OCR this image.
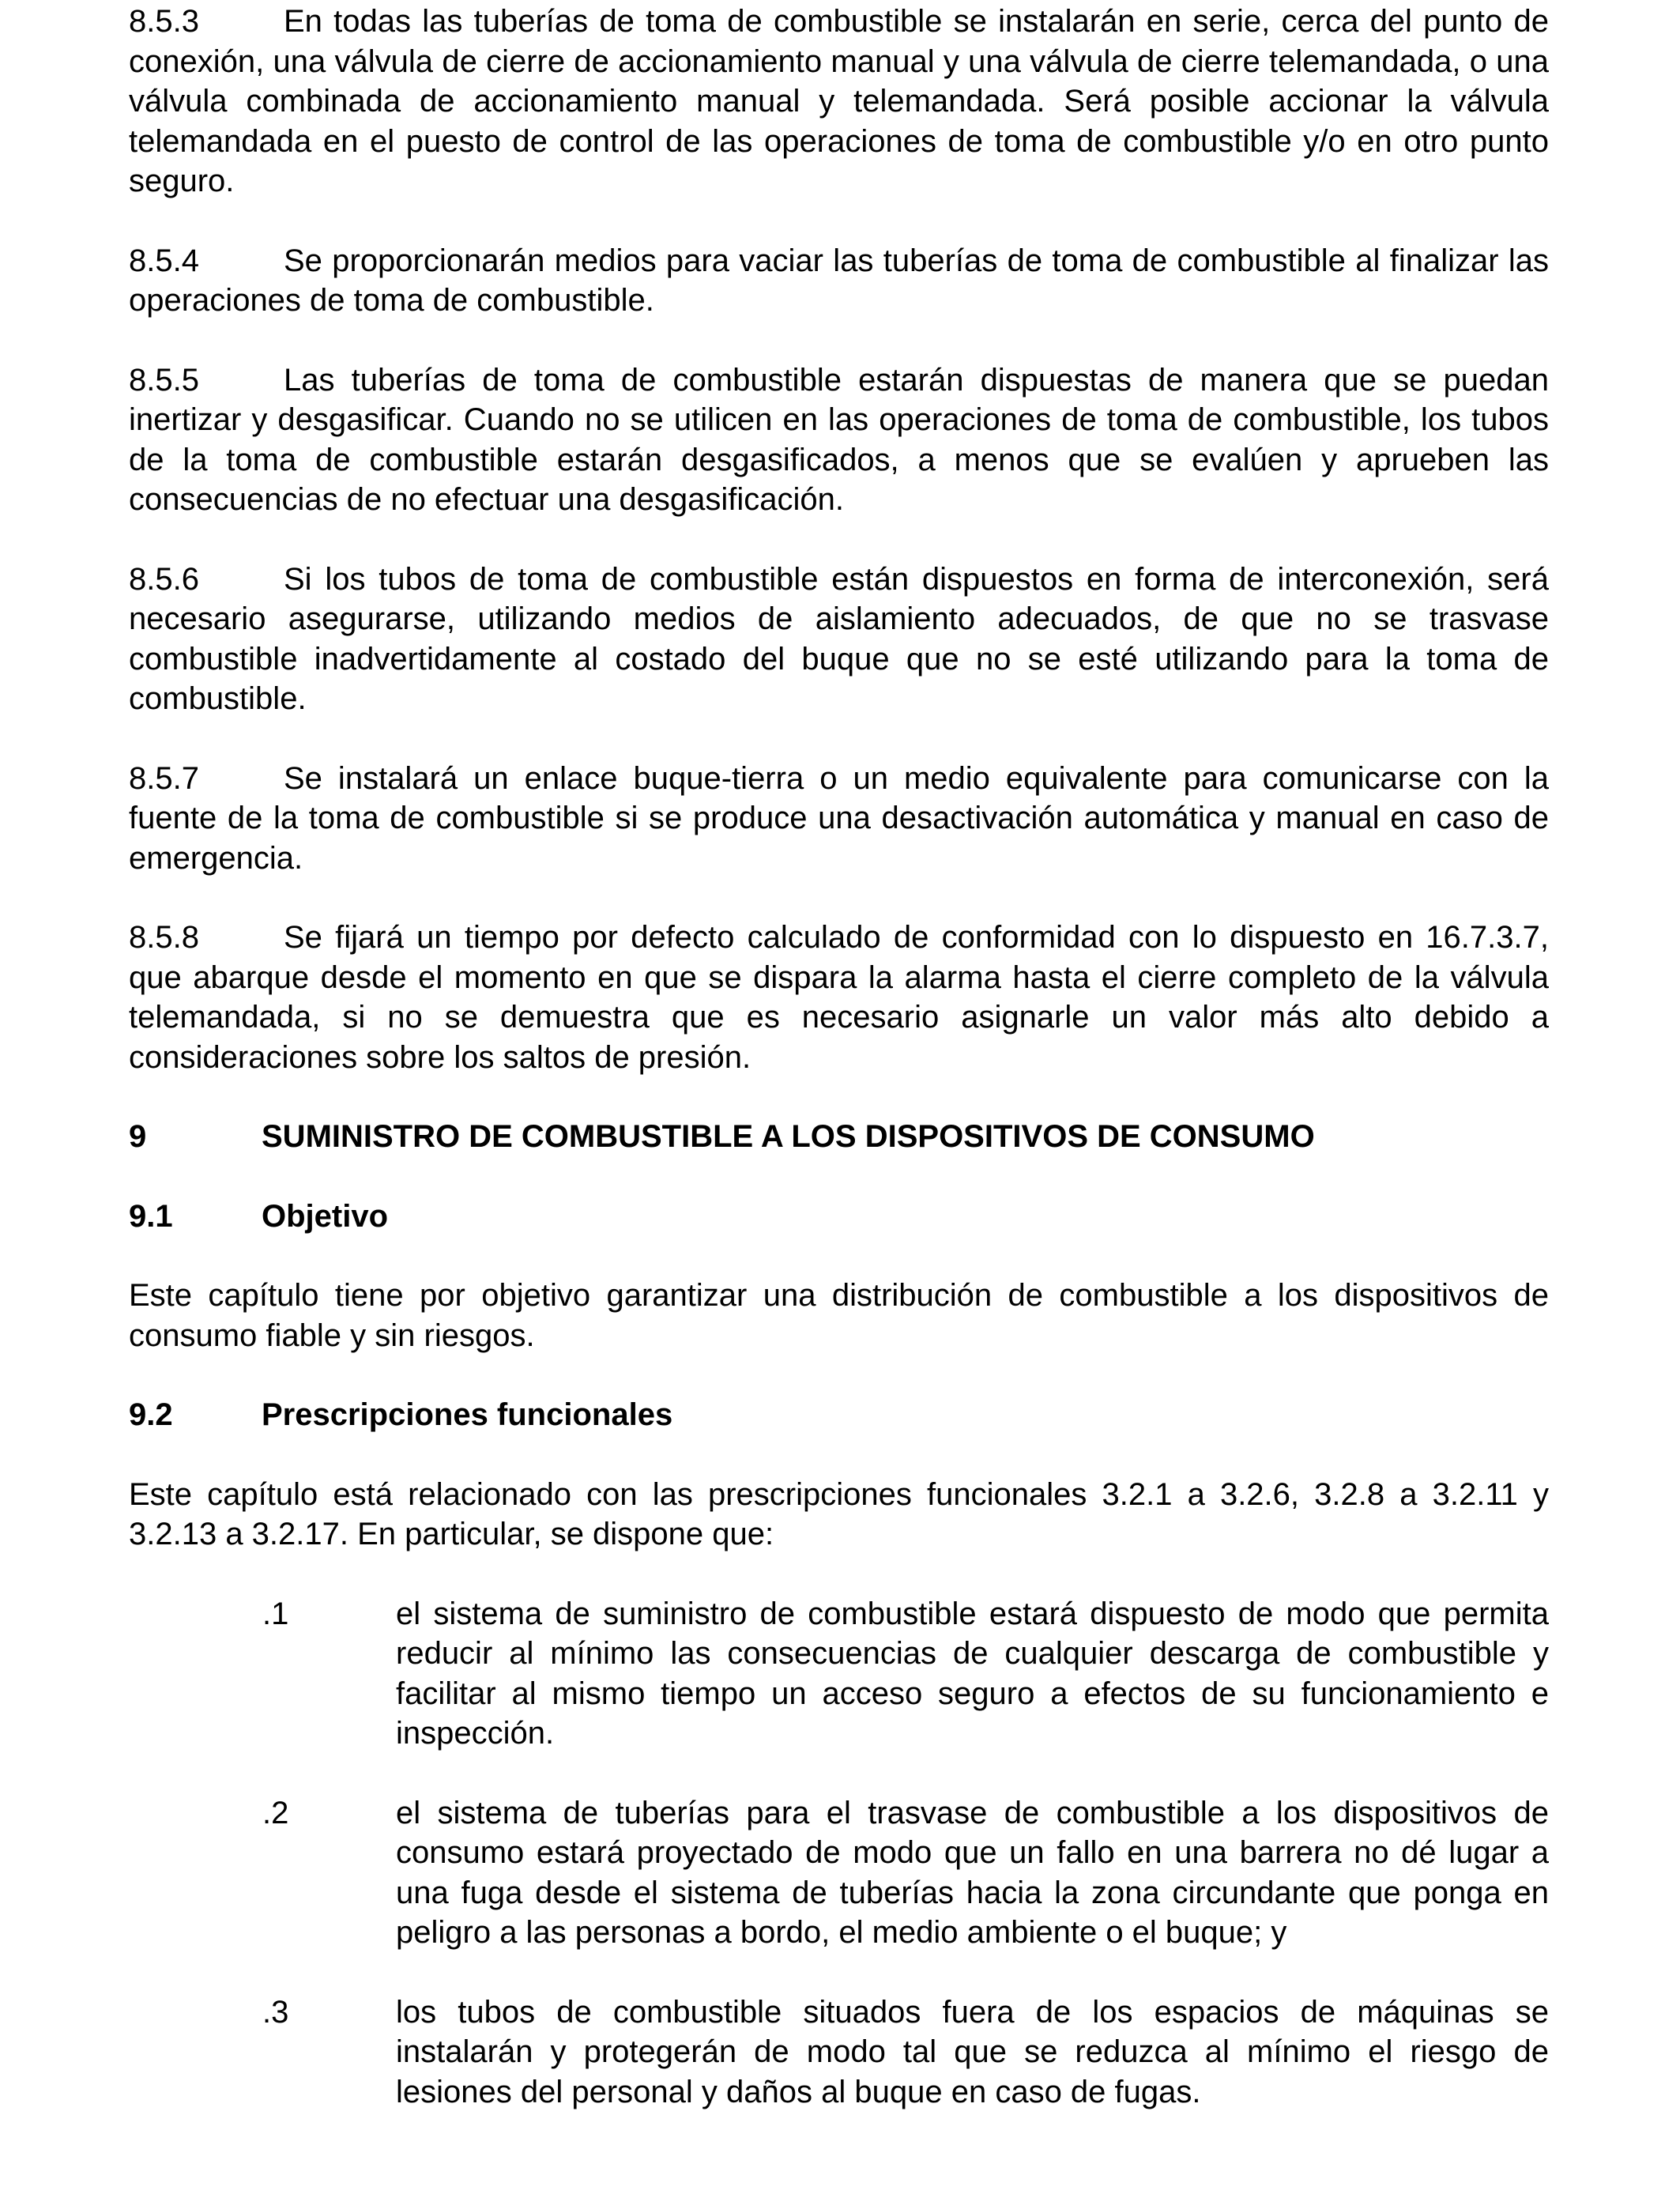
8.5.3	En todas las tuberías de toma de combustible se instalarán en serie, cerca del punto de conexión, una válvula de cierre de accionamiento manual y una válvula de cierre telemandada, o una válvula combinada de accionamiento manual y telemandada. Será posible accionar la válvula telemandada en el puesto de control de las operaciones de toma de combustible y/o en otro punto seguro.

8.5.4	Se proporcionarán medios para vaciar las tuberías de toma de combustible al finalizar las operaciones de toma de combustible.

8.5.5	Las tuberías de toma de combustible estarán dispuestas de manera que se puedan inertizar y desgasificar. Cuando no se utilicen en las operaciones de toma de combustible, los tubos de la toma de combustible estarán desgasificados, a menos que se evalúen y aprueben las consecuencias de no efectuar una desgasificación.

8.5.6	Si los tubos de toma de combustible están dispuestos en forma de interconexión, será necesario asegurarse, utilizando medios de aislamiento adecuados, de que no se trasvase combustible inadvertidamente al costado del buque que no se esté utilizando para la toma de combustible.

8.5.7	Se instalará un enlace buque-tierra o un medio equivalente para comunicarse con la fuente de la toma de combustible si se produce una desactivación automática y manual en caso de emergencia.

8.5.8	Se fijará un tiempo por defecto calculado de conformidad con lo dispuesto en 16.7.3.7, que abarque desde el momento en que se dispara la alarma hasta el cierre completo de la válvula telemandada, si no se demuestra que es necesario asignarle un valor más alto debido a consideraciones sobre los saltos de presión.

9	SUMINISTRO DE COMBUSTIBLE A LOS DISPOSITIVOS DE CONSUMO
9.1	Objetivo

Este capítulo tiene por objetivo garantizar una distribución de combustible a los dispositivos de consumo fiable y sin riesgos.

9.2	Prescripciones funcionales

Este capítulo está relacionado con las prescripciones funcionales 3.2.1 a 3.2.6, 3.2.8 a 3.2.11 y 3.2.13 a 3.2.17. En particular, se dispone que:

.1	el sistema de suministro de combustible estará dispuesto de modo que permita reducir al mínimo las consecuencias de cualquier descarga de combustible y facilitar al mismo tiempo un acceso seguro a efectos de su funcionamiento e inspección.
.2	el sistema de tuberías para el trasvase de combustible a los dispositivos de consumo estará proyectado de modo que un fallo en una barrera no dé lugar a una fuga desde el sistema de tuberías hacia la zona circundante que ponga en peligro a las personas a bordo, el medio ambiente o el buque; y
.3	los tubos de combustible situados fuera de los espacios de máquinas se instalarán y protegerán de modo tal que se reduzca al mínimo el riesgo de lesiones del personal y daños al buque en caso de fugas.
